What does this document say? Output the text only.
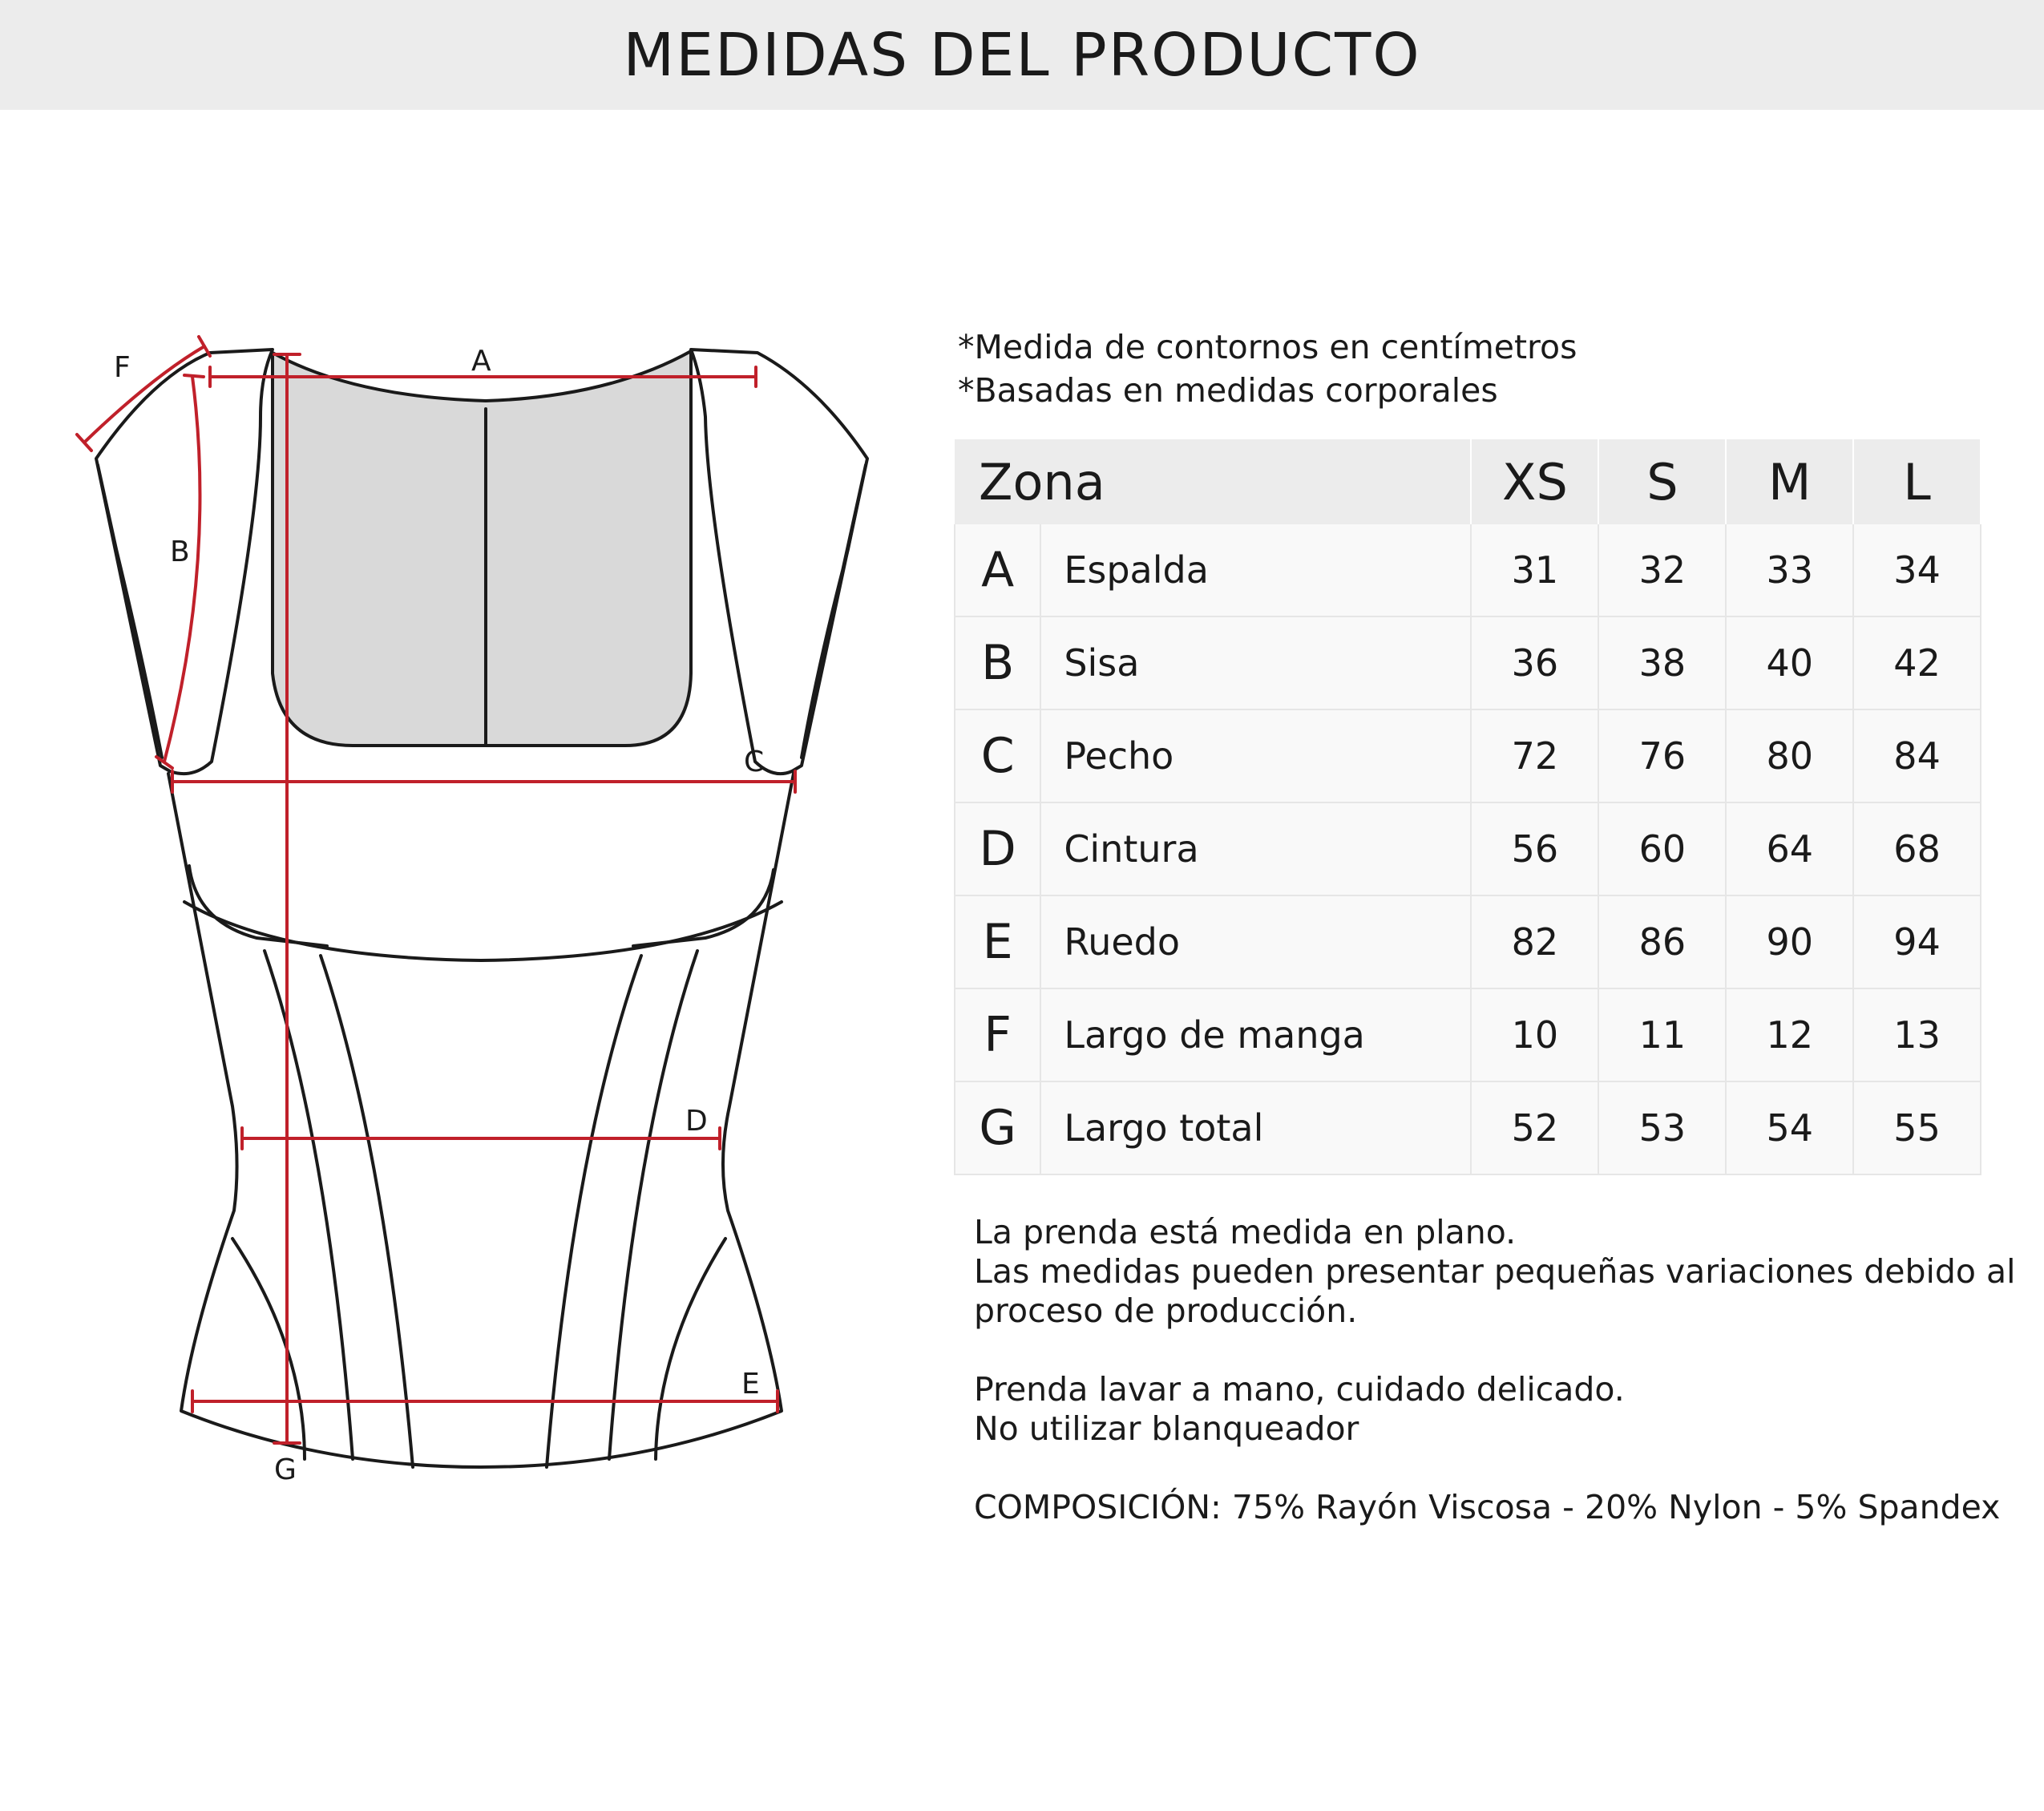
MEDIDAS DEL PRODUCTO
A
B
C
D
E
F
G
*Medida de contornos en centímetros
*Basadas en medidas corporales
Zona		XS	S	M	L
A	Espalda	31	32	33	34
B	Sisa	36	38	40	42
C	Pecho	72	76	80	84
D	Cintura	56	60	64	68
E	Ruedo	82	86	90	94
F	Largo de manga	10	11	12	13
G	Largo total	52	53	54	55
La prenda está medida en plano.
Las medidas pueden presentar pequeñas variaciones debido al
proceso de producción.
Prenda lavar a mano, cuidado delicado.
No utilizar blanqueador
COMPOSICIÓN: 75% Rayón Viscosa - 20% Nylon - 5% Spandex
